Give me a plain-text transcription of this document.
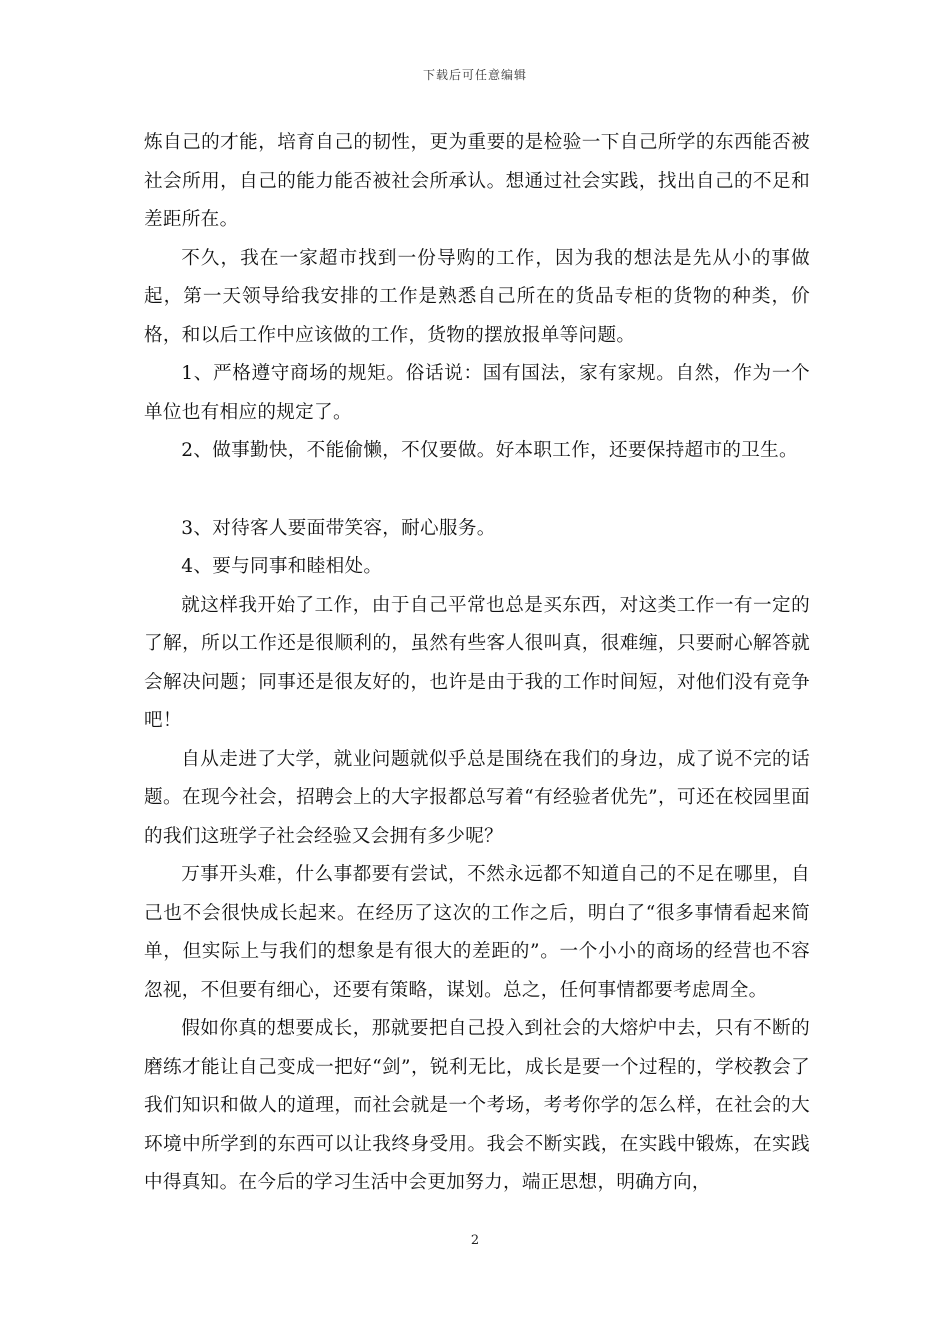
下载后可任意编辑

炼自己的才能，培育自己的韧性，更为重要的是检验一下自己所学的东西能否被社会所用，自己的能力能否被社会所承认。想通过社会实践，找出自己的不足和差距所在。

不久，我在一家超市找到一份导购的工作，因为我的想法是先从小的事做起，第一天领导给我安排的工作是熟悉自己所在的货品专柜的货物的种类，价格，和以后工作中应该做的工作，货物的摆放报单等问题。

1、严格遵守商场的规矩。俗话说：国有国法，家有家规。自然，作为一个单位也有相应的规定了。

2、做事勤快，不能偷懒，不仅要做。好本职工作，还要保持超市的卫生。

3、对待客人要面带笑容，耐心服务。

4、要与同事和睦相处。

就这样我开始了工作，由于自己平常也总是买东西，对这类工作一有一定的了解，所以工作还是很顺利的，虽然有些客人很叫真，很难缠，只要耐心解答就会解决问题；同事还是很友好的，也许是由于我的工作时间短，对他们没有竞争吧！

自从走进了大学，就业问题就似乎总是围绕在我们的身边，成了说不完的话题。在现今社会，招聘会上的大字报都总写着“有经验者优先”，可还在校园里面的我们这班学子社会经验又会拥有多少呢？

万事开头难，什么事都要有尝试，不然永远都不知道自己的不足在哪里，自己也不会很快成长起来。在经历了这次的工作之后，明白了“很多事情看起来简单，但实际上与我们的想象是有很大的差距的”。一个小小的商场的经营也不容忽视，不但要有细心，还要有策略，谋划。总之，任何事情都要考虑周全。

假如你真的想要成长，那就要把自己投入到社会的大熔炉中去，只有不断的磨练才能让自己变成一把好“剑”，锐利无比，成长是要一个过程的，学校教会了我们知识和做人的道理，而社会就是一个考场，考考你学的怎么样，在社会的大环境中所学到的东西可以让我终身受用。我会不断实践，在实践中锻炼，在实践中得真知。在今后的学习生活中会更加努力，端正思想，明确方向，

2
